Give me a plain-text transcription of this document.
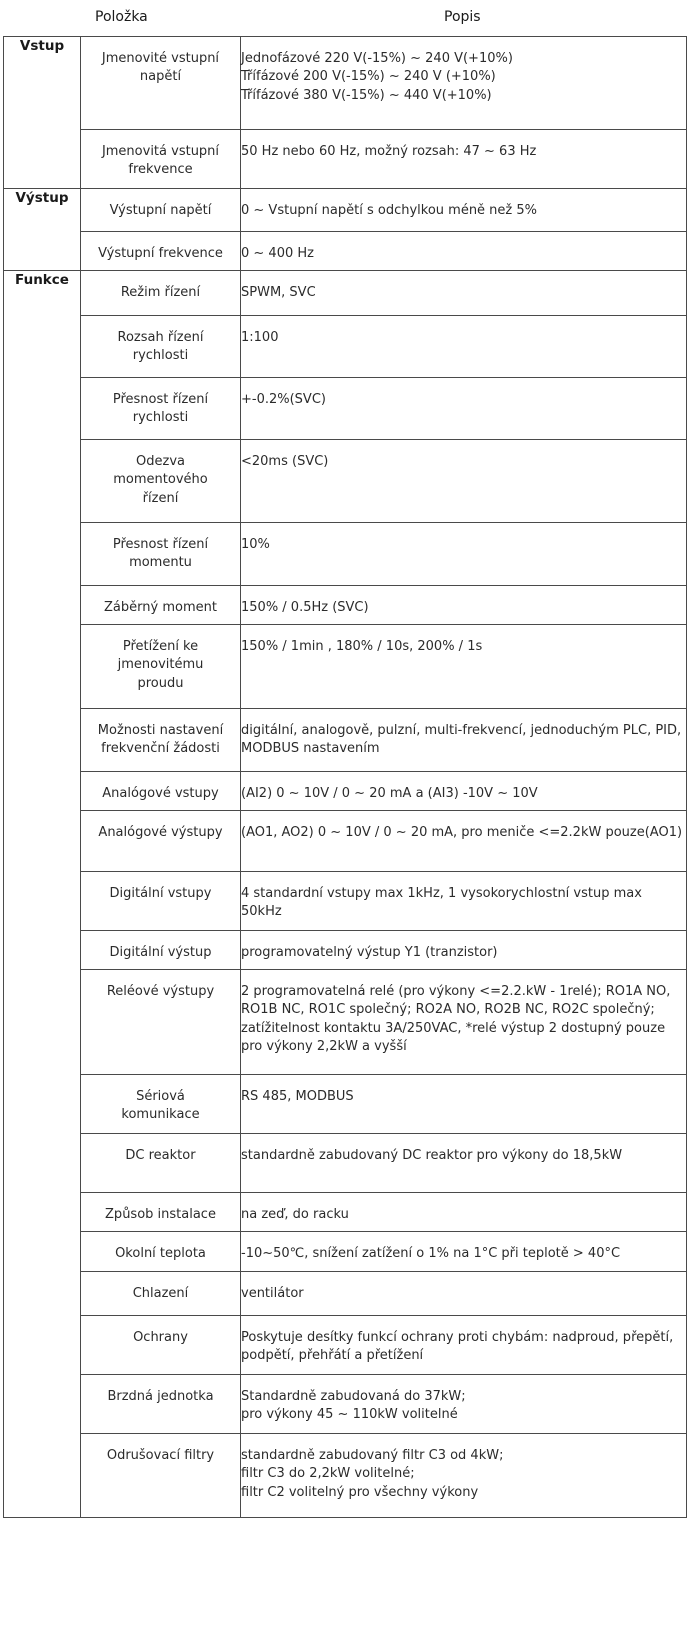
Položka	Popis
Vstup	Jmenovité vstupní napětí	Jednofázové 220 V(-15%) ~ 240 V(+10%)
Třífázové 200 V(-15%) ~ 240 V (+10%)
Třífázové 380 V(-15%) ~ 440 V(+10%)

	Jmenovitá vstupní frekvence	50 Hz nebo 60 Hz, možný rozsah: 47 ~ 63 Hz

Výstup	Výstupní napětí	0 ~ Vstupní napětí s odchylkou méně než 5%

	Výstupní frekvence	0 ~ 400 Hz

Funkce	Režim řízení	SPWM, SVC

	Rozsah řízení rychlosti	1:100

	Přesnost řízení rychlosti	+-0.2%(SVC)

	Odezva momentového řízení	<20ms (SVC)

	Přesnost řízení momentu	10%

	Záběrný moment	150% / 0.5Hz (SVC)

	Přetížení ke jmenovitému proudu	150% / 1min , 180% / 10s, 200% / 1s

	Možnosti nastavení frekvenční žádosti	digitální, analogově, pulzní, multi-frekvencí, jednoduchým PLC, PID, MODBUS nastavením

	Analógové vstupy	(AI2) 0 ~ 10V / 0 ~ 20 mA a (AI3) -10V ~ 10V

	Analógové výstupy	(AO1, AO2) 0 ~ 10V / 0 ~ 20 mA, pro meniče <=2.2kW pouze(AO1)

	Digitální vstupy	4 standardní vstupy max 1kHz, 1 vysokorychlostní vstup max 50kHz

	Digitální výstup	programovatelný výstup Y1 (tranzistor)

	Reléové výstupy	2 programovatelná relé (pro výkony <=2.2.kW - 1relé); RO1A NO, RO1B NC, RO1C společný; RO2A NO, RO2B NC, RO2C společný; zatížitelnost kontaktu 3A/250VAC, *relé výstup 2 dostupný pouze pro výkony 2,2kW a vyšší

	Sériová komunikace	RS 485, MODBUS

	DC reaktor	standardně zabudovaný DC reaktor pro výkony do 18,5kW

	Způsob instalace	na zeď, do racku

	Okolní teplota	-10~50℃, snížení zatížení o 1% na 1°C při teplotě > 40°C

	Chlazení	ventilátor

	Ochrany	Poskytuje desítky funkcí ochrany proti chybám: nadproud, přepětí, podpětí, přehřátí a přetížení

	Brzdná jednotka	Standardně zabudovaná do 37kW;
pro výkony 45 ~ 110kW volitelné

	Odrušovací filtry	standardně zabudovaný filtr C3 od 4kW;
filtr C3 do 2,2kW volitelné;
filtr C2 volitelný pro všechny výkony
